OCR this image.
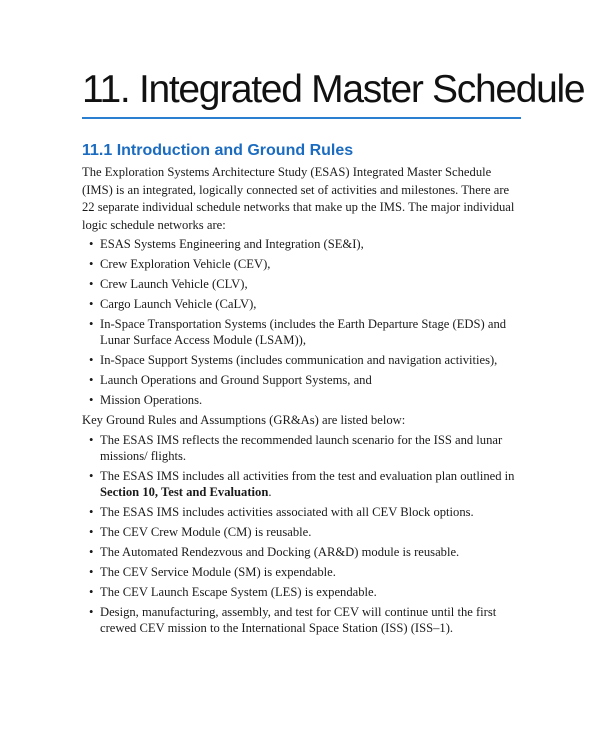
11. Integrated Master Schedule
11.1 Introduction and Ground Rules

The Exploration Systems Architecture Study (ESAS) Integrated Master Schedule (IMS) is an integrated, logically connected set of activities and milestones. There are 22 separate individual schedule networks that make up the IMS. The major individual logic schedule networks are:

• ESAS Systems Engineering and Integration (SE&I),
• Crew Exploration Vehicle (CEV),
• Crew Launch Vehicle (CLV),
• Cargo Launch Vehicle (CaLV),
• In-Space Transportation Systems (includes the Earth Departure Stage (EDS) and Lunar Surface Access Module (LSAM)),
• In-Space Support Systems (includes communication and navigation activities),
• Launch Operations and Ground Support Systems, and
• Mission Operations.

Key Ground Rules and Assumptions (GR&As) are listed below:

• The ESAS IMS reflects the recommended launch scenario for the ISS and lunar missions/ flights.
• The ESAS IMS includes all activities from the test and evaluation plan outlined in Section 10, Test and Evaluation.
• The ESAS IMS includes activities associated with all CEV Block options.
• The CEV Crew Module (CM) is reusable.
• The Automated Rendezvous and Docking (AR&D) module is reusable.
• The CEV Service Module (SM) is expendable.
• The CEV Launch Escape System (LES) is expendable.
• Design, manufacturing, assembly, and test for CEV will continue until the first crewed CEV mission to the International Space Station (ISS) (ISS–1).
